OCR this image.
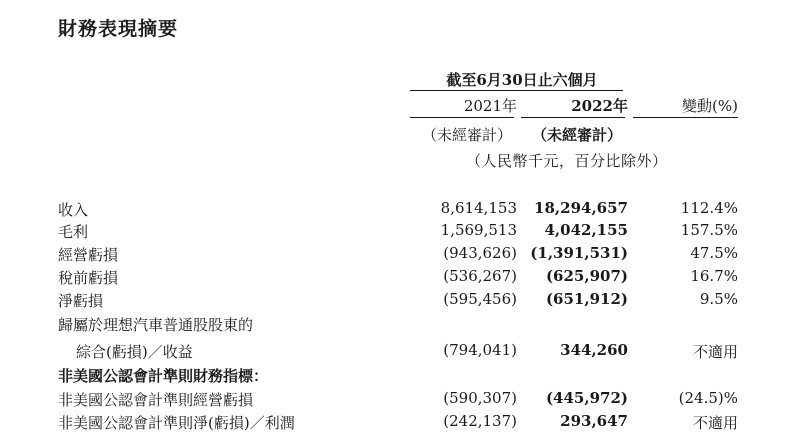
財務表現摘要
截至6月30日止六個月
2021年	2022年	變動(%)
（未經審計）	（未經審計）
（人民幣千元，百分比除外）
收入	8,614,153	18,294,657	112.4%
毛利	1,569,513	4,042,155	157.5%
經營虧損	(943,626) (1,391,531)	47.5%
稅前虧損	(536,267)	(625,907)	16.7%
淨虧損	(595,456)	(651,912)	9.5%
歸屬於理想汽車普通股股東的
綜合(虧損)／收益	(794,041)	344,260	不適用
非美國公認會計準則財務指標：
非美國公認會計準則經營虧損	(590,307)	(445,972)	(24.5)%
非美國公認會計準則淨(虧損)／利潤	(242,137)	293,647	不適用
